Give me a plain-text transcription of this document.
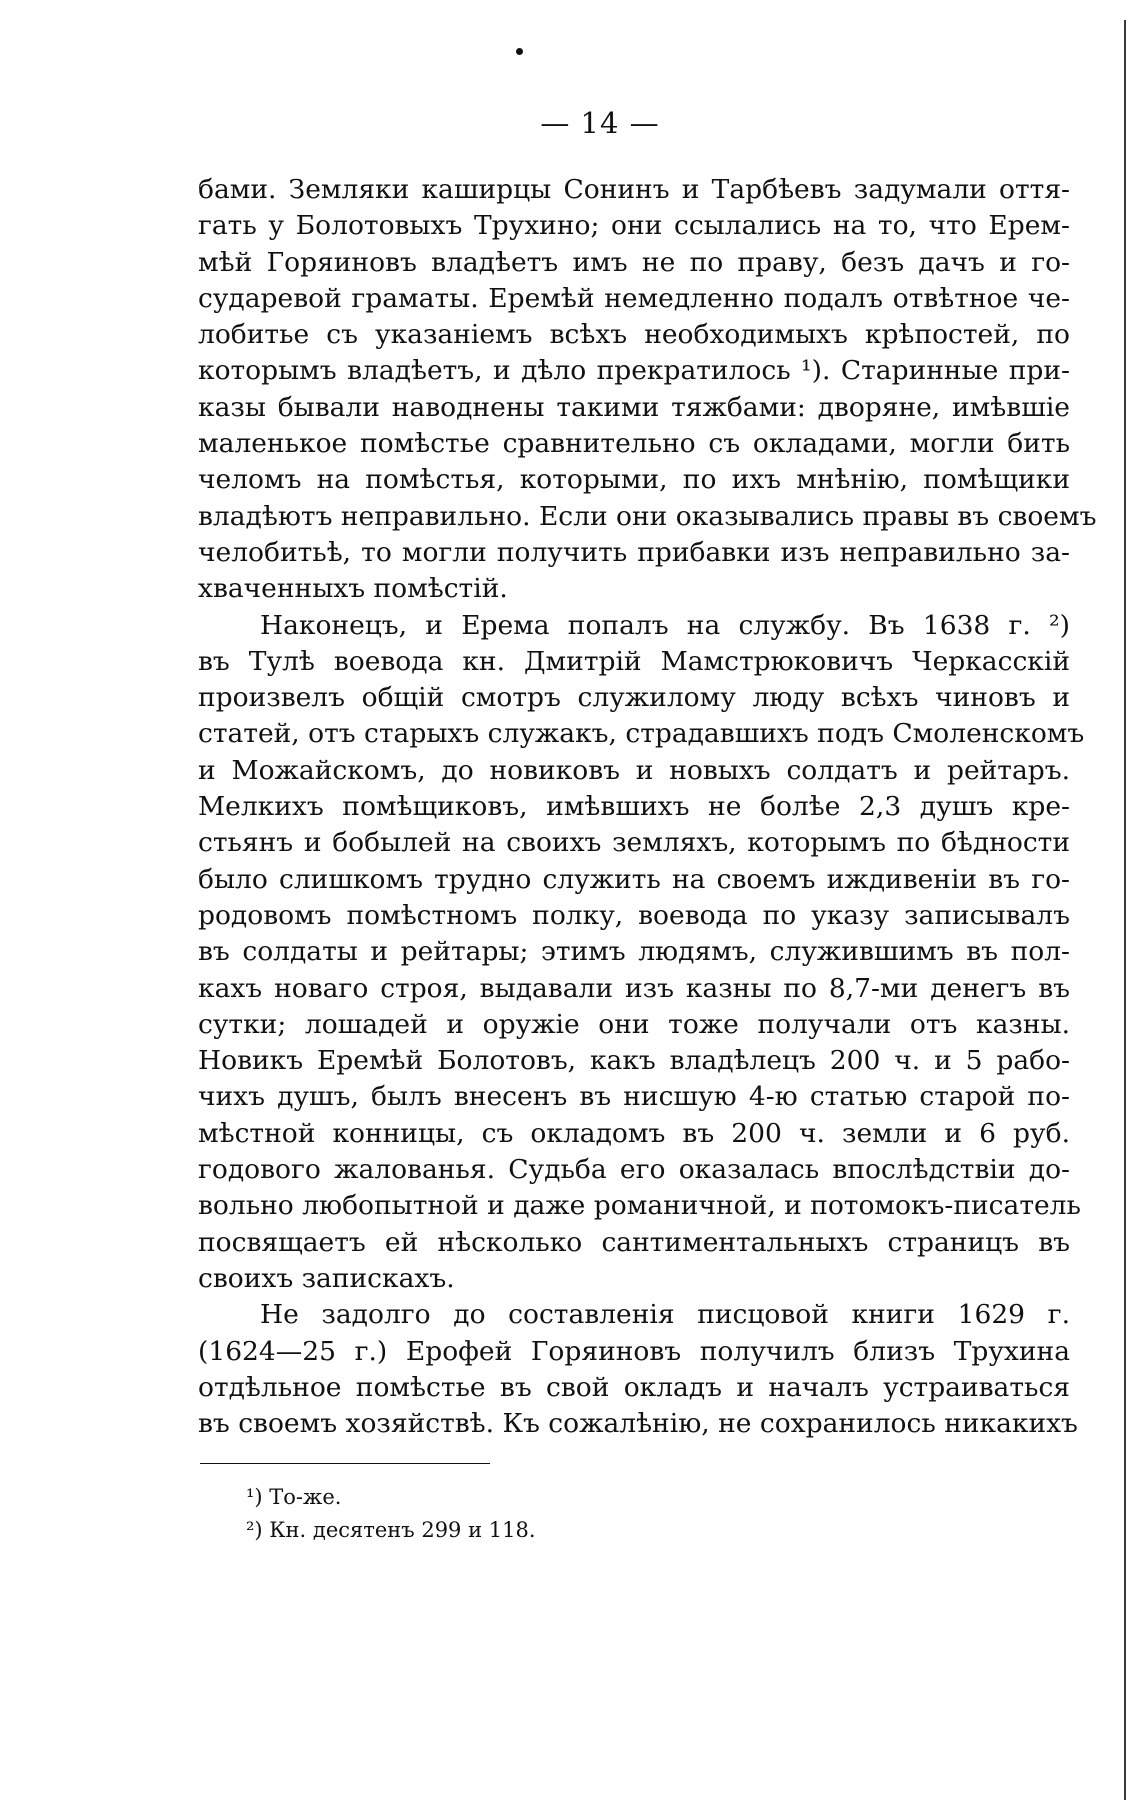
— 14 —
бами. Земляки каширцы Сонинъ и Тарбѣевъ задумали оття-
гать у Болотовыхъ Трухино; они ссылались на то, что Ерем-
мѣй Горяиновъ владѣетъ имъ не по праву, безъ дачъ и го-
сударевой граматы. Еремѣй немедленно подалъ отвѣтное че-
лобитье съ указаніемъ всѣхъ необходимыхъ крѣпостей, по
которымъ владѣетъ, и дѣло прекратилось ¹). Старинные при-
казы бывали наводнены такими тяжбами: дворяне, имѣвшіе
маленькое помѣстье сравнительно съ окладами, могли бить
челомъ на помѣстья, которыми, по ихъ мнѣнію, помѣщики
владѣютъ неправильно. Если они оказывались правы въ своемъ
челобитьѣ, то могли получить прибавки изъ неправильно за-
хваченныхъ помѣстій.
Наконецъ, и Ерема попалъ на службу. Въ 1638 г. ²)
въ Тулѣ воевода кн. Дмитрій Мамстрюковичъ Черкасскій
произвелъ общій смотръ служилому люду всѣхъ чиновъ и
статей, отъ старыхъ служакъ, страдавшихъ подъ Смоленскомъ
и Можайскомъ, до новиковъ и новыхъ солдатъ и рейтаръ.
Мелкихъ помѣщиковъ, имѣвшихъ не болѣе 2,3 душъ кре-
стьянъ и бобылей на своихъ земляхъ, которымъ по бѣдности
было слишкомъ трудно служить на своемъ иждивеніи въ го-
родовомъ помѣстномъ полку, воевода по указу записывалъ
въ солдаты и рейтары; этимъ людямъ, служившимъ въ пол-
кахъ новаго строя, выдавали изъ казны по 8,7-ми денегъ въ
сутки; лошадей и оружіе они тоже получали отъ казны.
Новикъ Еремѣй Болотовъ, какъ владѣлецъ 200 ч. и 5 рабо-
чихъ душъ, былъ внесенъ въ нисшую 4-ю статью старой по-
мѣстной конницы, съ окладомъ въ 200 ч. земли и 6 руб.
годового жалованья. Судьба его оказалась впослѣдствіи до-
вольно любопытной и даже романичной, и потомокъ-писатель
посвящаетъ ей нѣсколько сантиментальныхъ страницъ въ
своихъ запискахъ.
Не задолго до составленія писцовой книги 1629 г.
(1624—25 г.) Ерофей Горяиновъ получилъ близъ Трухина
отдѣльное помѣстье въ свой окладъ и началъ устраиваться
въ своемъ хозяйствѣ. Къ сожалѣнію, не сохранилось никакихъ
¹) То-же.
²) Кн. десятенъ 299 и 118.
